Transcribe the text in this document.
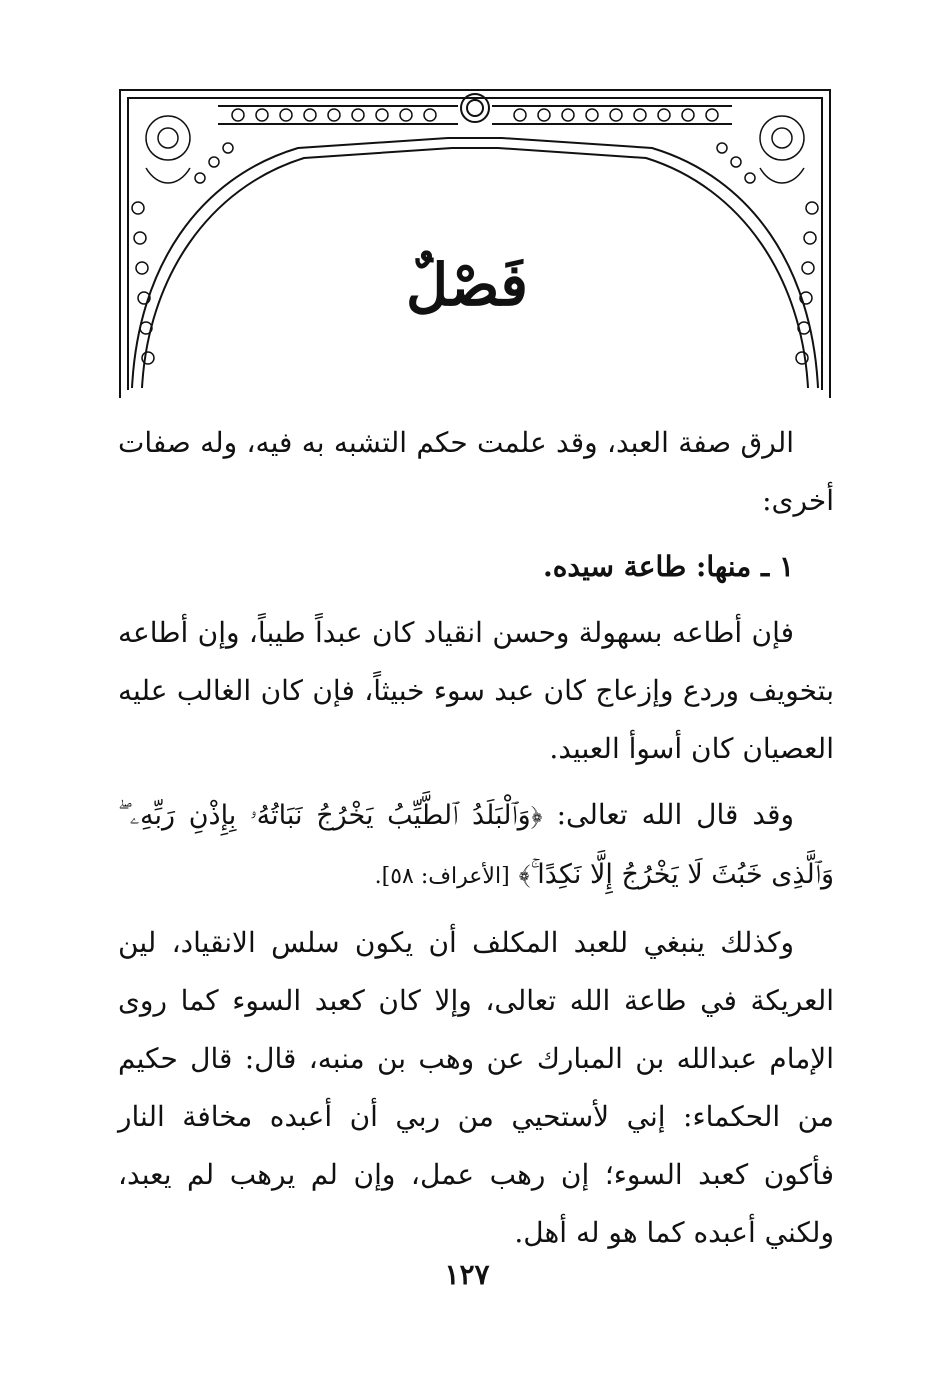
فَصْلٌ

الرق صفة العبد، وقد علمت حكم التشبه به فيه، وله صفات أخرى:

١ ـ منها: طاعة سيده.

فإن أطاعه بسهولة وحسن انقياد كان عبداً طيباً، وإن أطاعه بتخويف وردع وإزعاج كان عبد سوء خبيثاً، فإن كان الغالب عليه العصيان كان أسوأ العبيد.

وقد قال الله تعالى: ﴿وَٱلْبَلَدُ ٱلطَّيِّبُ يَخْرُجُ نَبَاتُهُۥ بِإِذْنِ رَبِّهِۦ ۖ وَٱلَّذِى خَبُثَ لَا يَخْرُجُ إِلَّا نَكِدًا ۚ﴾ [الأعراف: ٥٨].

وكذلك ينبغي للعبد المكلف أن يكون سلس الانقياد، لين العريكة في طاعة الله تعالى، وإلا كان كعبد السوء كما روى الإمام عبدالله بن المبارك عن وهب بن منبه، قال: قال حكيم من الحكماء: إني لأستحيي من ربي أن أعبده مخافة النار فأكون كعبد السوء؛ إن رهب عمل، وإن لم يرهب لم يعبد، ولكني أعبده كما هو له أهل.

١٢٧
